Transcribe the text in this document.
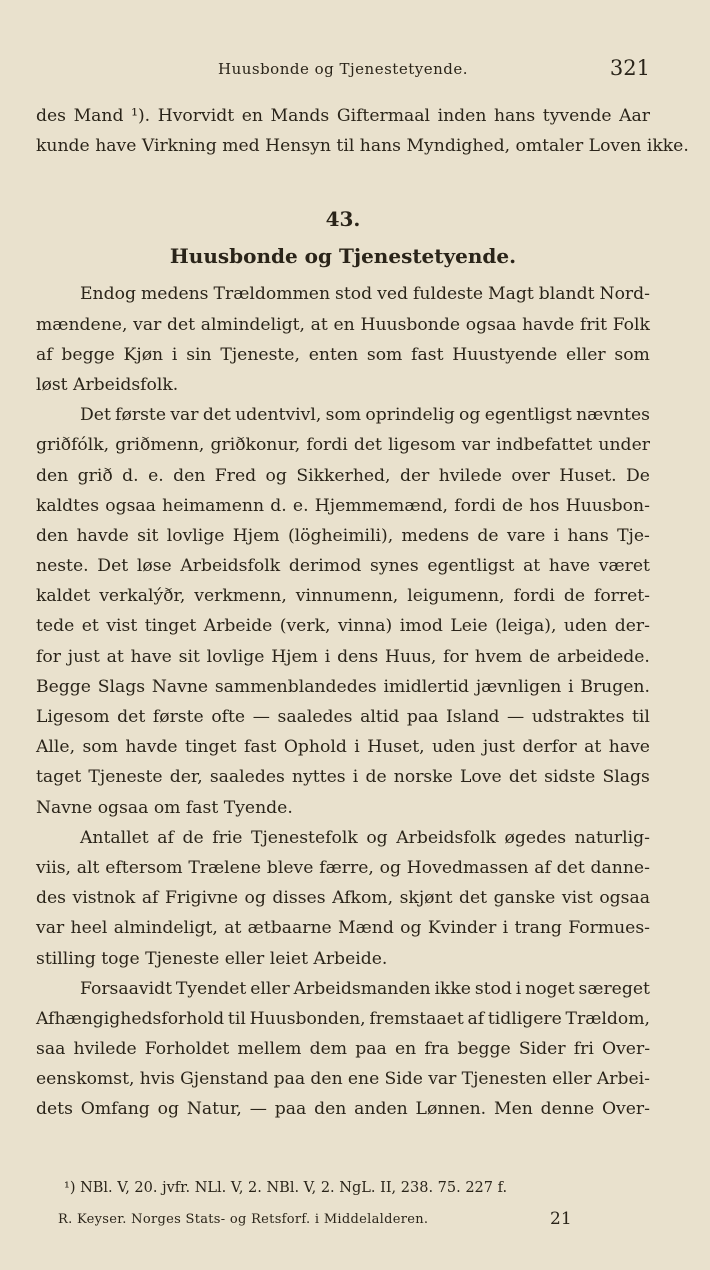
Huusbonde og Tjenestetyende.	321
des Mand ¹). Hvorvidt en Mands Giftermaal inden hans tyvende Aar
kunde have Virkning med Hensyn til hans Myndighed, omtaler Loven ikke.
43.
Huusbonde og Tjenestetyende.
Endog medens Trældommen stod ved fuldeste Magt blandt Nord-
mændene, var det almindeligt, at en Huusbonde ogsaa havde frit Folk
af begge Kjøn i sin Tjeneste, enten som fast Huustyende eller som
løst Arbeidsfolk.
Det første var det udentvivl, som oprindelig og egentligst nævntes
griðfólk, griðmenn, griðkonur, fordi det ligesom var indbefattet under
den grið d. e. den Fred og Sikkerhed, der hvilede over Huset. De
kaldtes ogsaa heimamenn d. e. Hjemmemænd, fordi de hos Huusbon-
den havde sit lovlige Hjem (lögheimili), medens de vare i hans Tje-
neste. Det løse Arbeidsfolk derimod synes egentligst at have været
kaldet verkalýðr, verkmenn, vinnumenn, leigumenn, fordi de forret-
tede et vist tinget Arbeide (verk, vinna) imod Leie (leiga), uden der-
for just at have sit lovlige Hjem i dens Huus, for hvem de arbeidede.
Begge Slags Navne sammenblandedes imidlertid jævnligen i Brugen.
Ligesom det første ofte — saaledes altid paa Island — udstraktes til
Alle, som havde tinget fast Ophold i Huset, uden just derfor at have
taget Tjeneste der, saaledes nyttes i de norske Love det sidste Slags
Navne ogsaa om fast Tyende.
Antallet af de frie Tjenestefolk og Arbeidsfolk øgedes naturlig-
viis, alt eftersom Trælene bleve færre, og Hovedmassen af det danne-
des vistnok af Frigivne og disses Afkom, skjønt det ganske vist ogsaa
var heel almindeligt, at ætbaarne Mænd og Kvinder i trang Formues-
stilling toge Tjeneste eller leiet Arbeide.
Forsaavidt Tyendet eller Arbeidsmanden ikke stod i noget særeget
Afhængighedsforhold til Huusbonden, fremstaaet af tidligere Trældom,
saa hvilede Forholdet mellem dem paa en fra begge Sider fri Over-
eenskomst, hvis Gjenstand paa den ene Side var Tjenesten eller Arbei-
dets Omfang og Natur, — paa den anden Lønnen. Men denne Over-
¹) NBl. V, 20. jvfr. NLl. V, 2. NBl. V, 2. NgL. II, 238. 75. 227 f.
R. Keyser. Norges Stats- og Retsforf. i Middelalderen.	21
